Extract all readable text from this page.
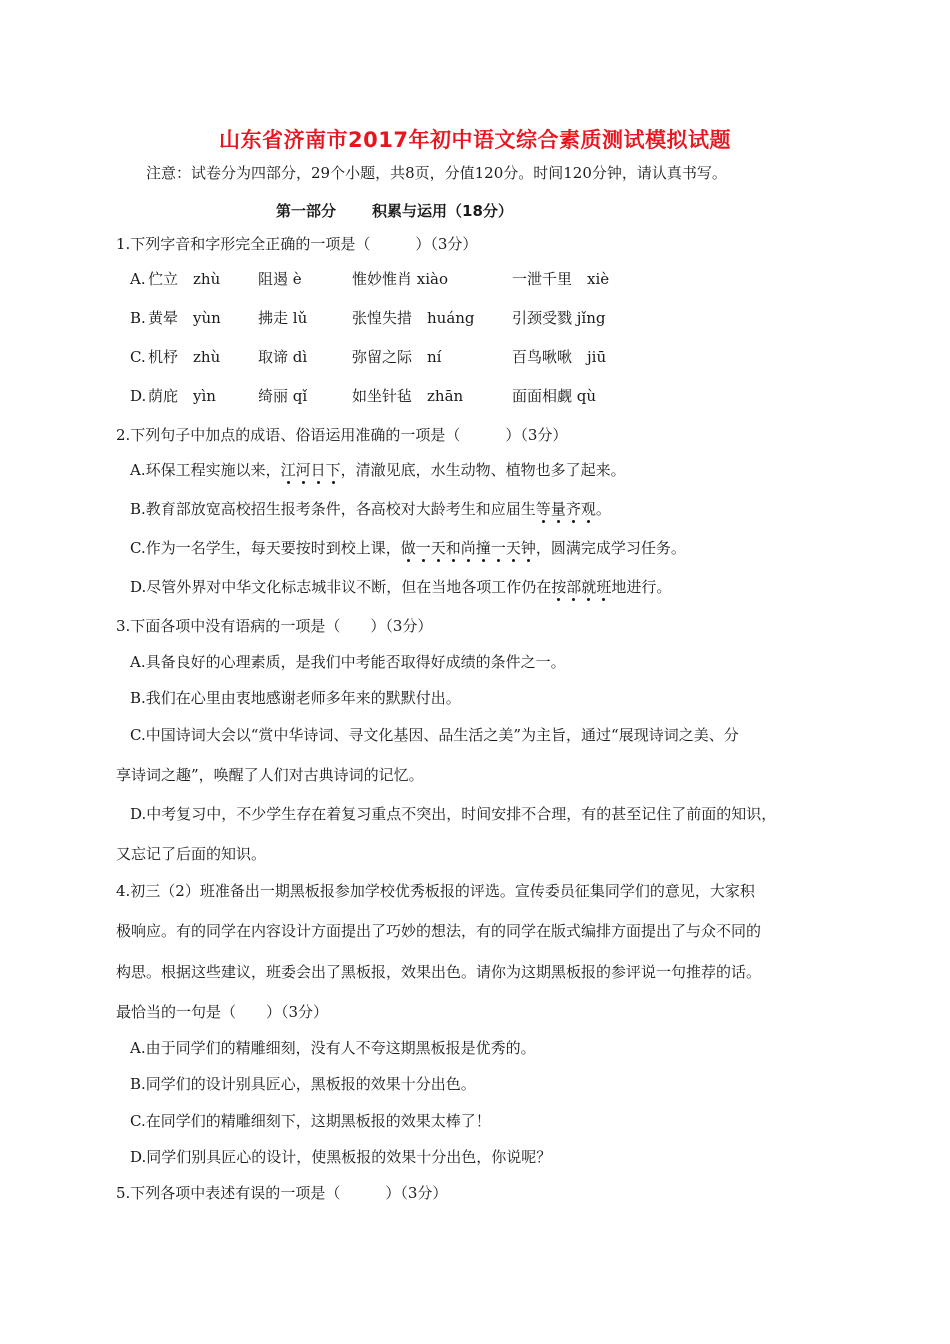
山东省济南市2017年初中语文综合素质测试模拟试题
注意：试卷分为四部分，29个小题，共8页，分值120分。时间120分钟，请认真书写。
第一部分 积累与运用（18分）
1.下列字音和字形完全正确的一项是（　　　）（3分）
A. 伫立　zhù	阻遏 è	惟妙惟肖 xiào	一泄千里　xiè
B. 黄晕　yùn 拂走 lǔ	张惶失措　huáng 引颈受戮 jǐng
C. 机杼　zhù	取谛 dì	弥留之际　ní	百鸟啾啾　jiū
D. 荫庇　yìn	绮丽 qǐ	如坐针毡　zhān	面面相觑 qù
2.下列句子中加点的成语、俗语运用准确的一项是（　　　）（3分）
A.环保工程实施以来，江河日下，清澈见底，水生动物、植物也多了起来。
B.教育部放宽高校招生报考条件，各高校对大龄考生和应届生等量齐观。
C.作为一名学生，每天要按时到校上课，做一天和尚撞一天钟，圆满完成学习任务。
D.尽管外界对中华文化标志城非议不断，但在当地各项工作仍在按部就班地进行。
3.下面各项中没有语病的一项是（　　）（3分）
A.具备良好的心理素质，是我们中考能否取得好成绩的条件之一。
B.我们在心里由衷地感谢老师多年来的默默付出。
C.中国诗词大会以“赏中华诗词、寻文化基因、品生活之美”为主旨，通过“展现诗词之美、分
享诗词之趣”，唤醒了人们对古典诗词的记忆。
D.中考复习中，不少学生存在着复习重点不突出，时间安排不合理，有的甚至记住了前面的知识，
又忘记了后面的知识。
4.初三（2）班准备出一期黑板报参加学校优秀板报的评选。宣传委员征集同学们的意见，大家积
极响应。有的同学在内容设计方面提出了巧妙的想法，有的同学在版式编排方面提出了与众不同的
构思。根据这些建议，班委会出了黑板报，效果出色。请你为这期黑板报的参评说一句推荐的话。
最恰当的一句是（　　）（3分）
A.由于同学们的精雕细刻，没有人不夸这期黑板报是优秀的。
B.同学们的设计别具匠心，黑板报的效果十分出色。
C.在同学们的精雕细刻下，这期黑板报的效果太棒了！
D.同学们别具匠心的设计，使黑板报的效果十分出色，你说呢？
5.下列各项中表述有误的一项是（　　　）（3分）
